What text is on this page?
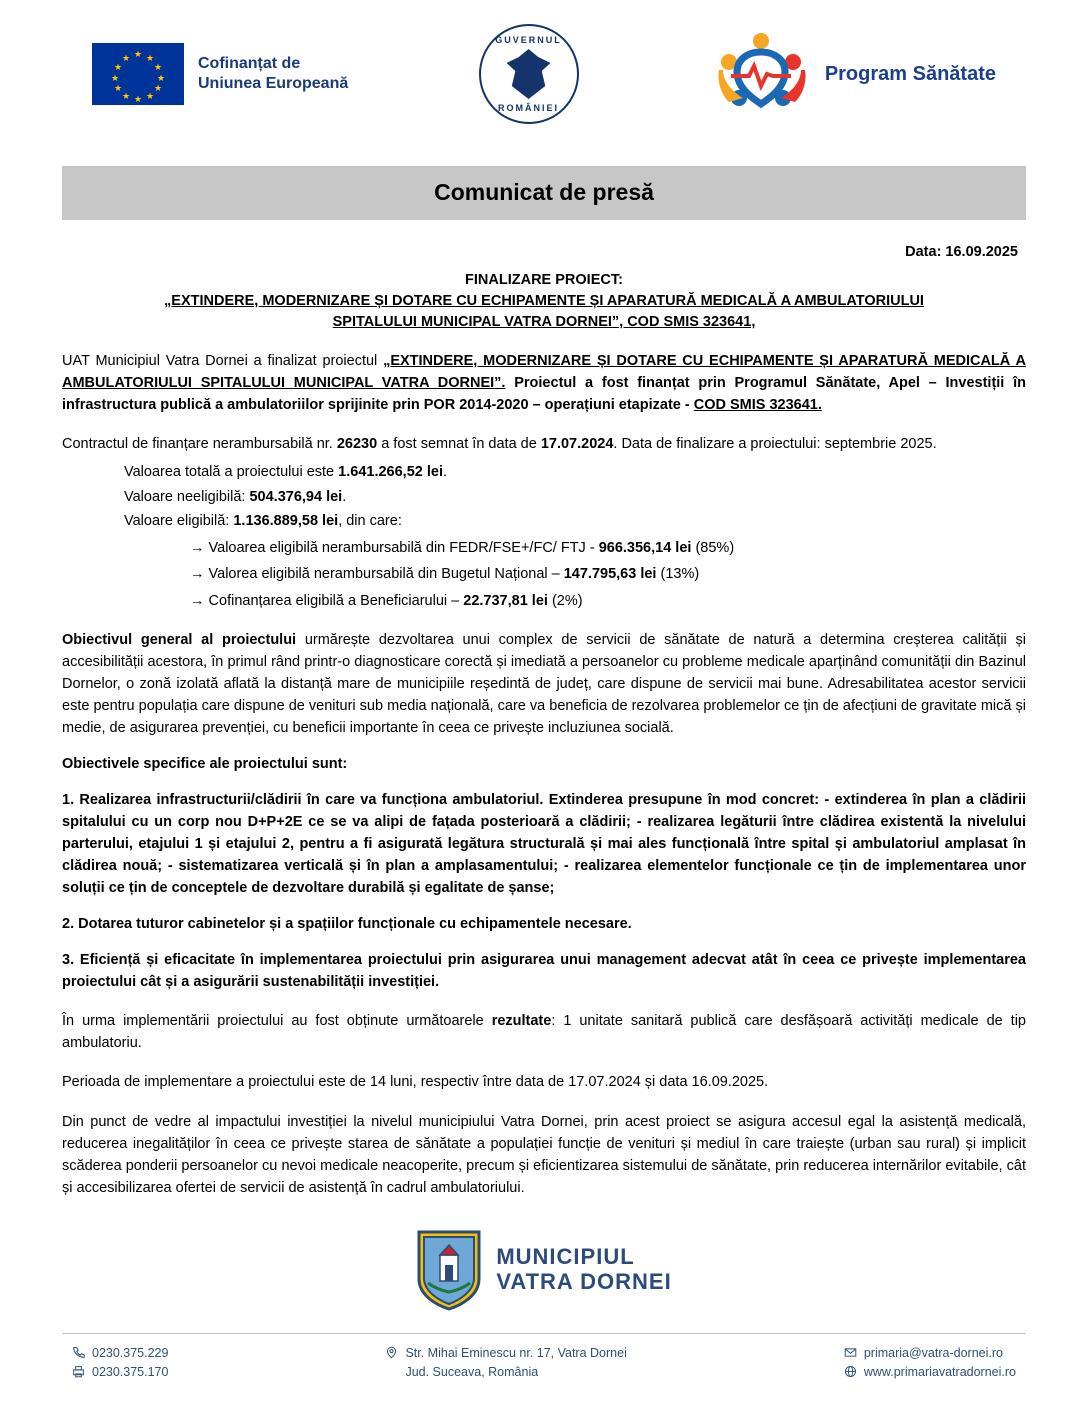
★ ★
★
★
★
★
★
★
★
★
★
★	Cofinanțat de
Uniunea Europeană
GUVERNUL
ROMÂNIEI
Program Sănătate
Comunicat de presă
Data: 16.09.2025
FINALIZARE PROIECT:
„EXTINDERE, MODERNIZARE ȘI DOTARE CU ECHIPAMENTE ȘI APARATURĂ MEDICALĂ A AMBULATORIULUI
SPITALULUI MUNICIPAL VATRA DORNEI”, COD SMIS 323641,

UAT Municipiul Vatra Dornei a finalizat proiectul „EXTINDERE, MODERNIZARE ȘI DOTARE CU ECHIPAMENTE ȘI APARATURĂ MEDICALĂ A AMBULATORIULUI SPITALULUI MUNICIPAL VATRA DORNEI”. Proiectul a fost finanțat prin Programul Sănătate, Apel – Investiții în infrastructura publică a ambulatoriilor sprijinite prin POR 2014-2020 – operațiuni etapizate - COD SMIS 323641.

Contractul de finanțare nerambursabilă nr. 26230 a fost semnat în data de 17.07.2024. Data de finalizare a proiectului: septembrie 2025.

Valoarea totală a proiectului este 1.641.266,52 lei.
Valoare neeligibilă: 504.376,94 lei.
Valoare eligibilă: 1.136.889,58 lei, din care:
→ Valoarea eligibilă nerambursabilă din FEDR/FSE+/FC/ FTJ - 966.356,14 lei (85%)
→ Valorea eligibilă nerambursabilă din Bugetul Național – 147.795,63 lei (13%)
→ Cofinanțarea eligibilă a Beneficiarului – 22.737,81 lei (2%)

Obiectivul general al proiectului urmărește dezvoltarea unui complex de servicii de sănătate de natură a determina creșterea calității și accesibilității acestora, în primul rând printr-o diagnosticare corectă și imediată a persoanelor cu probleme medicale aparținând comunității din Bazinul Dornelor, o zonă izolată aflată la distanță mare de municipiile reședintă de județ, care dispune de servicii mai bune. Adresabilitatea acestor servicii este pentru populația care dispune de venituri sub media națională, care va beneficia de rezolvarea problemelor ce țin de afecțiuni de gravitate mică și medie, de asigurarea prevenției, cu beneficii importante în ceea ce privește incluziunea socială.

Obiectivele specifice ale proiectului sunt:

1. Realizarea infrastructurii/clădirii în care va funcționa ambulatoriul. Extinderea presupune în mod concret: - extinderea în plan a clădirii spitalului cu un corp nou D+P+2E ce se va alipi de fațada posterioară a clădirii; - realizarea legăturii între clădirea existentă la nivelului parterului, etajului 1 și etajului 2, pentru a fi asigurată legătura structurală și mai ales funcțională între spital și ambulatoriul amplasat în clădirea nouă; - sistematizarea verticală și în plan a amplasamentului; - realizarea elementelor funcționale ce țin de implementarea unor soluții ce țin de conceptele de dezvoltare durabilă și egalitate de șanse;

2. Dotarea tuturor cabinetelor și a spațiilor funcționale cu echipamentele necesare.

3. Eficiență și eficacitate în implementarea proiectului prin asigurarea unui management adecvat atât în ceea ce privește implementarea proiectului cât și a asigurării sustenabilității investiției.

În urma implementării proiectului au fost obținute următoarele rezultate: 1 unitate sanitară publică care desfășoară activități medicale de tip ambulatoriu.

Perioada de implementare a proiectului este de 14 luni, respectiv între data de 17.07.2024 și data 16.09.2025.

Din punct de vedre al impactului investiției la nivelul municipiului Vatra Dornei, prin acest proiect se asigura accesul egal la asistență medicală, reducerea inegalităților în ceea ce privește starea de sănătate a populației funcție de venituri și mediul în care traiește (urban sau rural) și implicit scăderea ponderii persoanelor cu nevoi medicale neacoperite, precum și eficientizarea sistemului de sănătate, prin reducerea internărilor evitabile, cât și accesibilizarea ofertei de servicii de asistență în cadrul ambulatoriului.

MUNICIPIUL
VATRA DORNEI
0230.375.229
0230.375.170
Str. Mihai Eminescu nr. 17, Vatra Dornei
Jud. Suceava, România
primaria@vatra-dornei.ro
www.primariavatradornei.ro
